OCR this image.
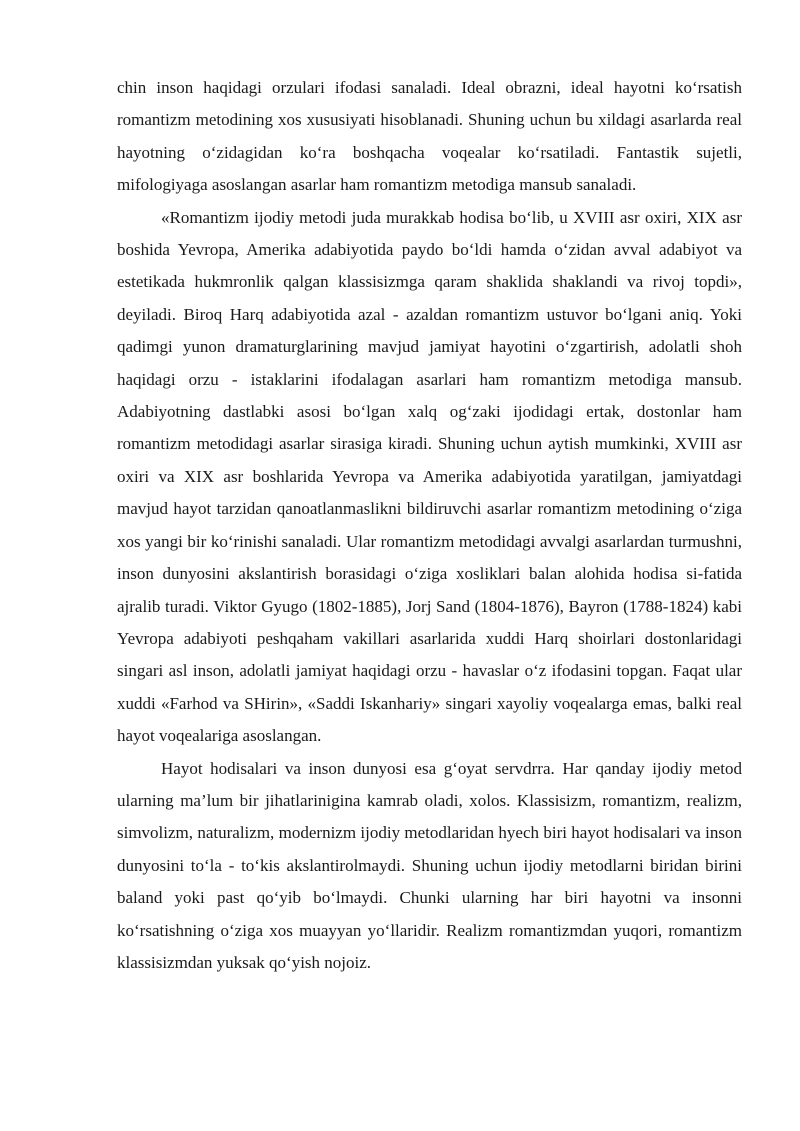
chin inson haqidagi orzulari ifodasi sanaladi. Ideal obrazni, ideal hayotni ko‘rsatish romantizm metodining xos xususiyati hisoblanadi. Shuning uchun bu xildagi asarlarda real hayotning o‘zidagidan ko‘ra boshqacha voqealar ko‘rsatiladi. Fantastik sujetli, mifologiyaga asoslangan asarlar ham romantizm metodiga mansub sanaladi.

«Romantizm ijodiy metodi juda murakkab hodisa bo‘lib, u XVIII asr oxiri, XIX asr boshida Yevropa, Amerika adabiyotida paydo bo‘ldi hamda o‘zidan avval adabiyot va estetikada hukmronlik qalgan klassisizmga qaram shaklida shaklandi va rivoj topdi», deyiladi. Biroq Harq adabiyotida azal - azaldan romantizm ustuvor bo‘lgani aniq. Yoki qadimgi yunon dramaturglarining mavjud jamiyat hayotini o‘zgartirish, adolatli shoh haqidagi orzu - istaklarini ifodalagan asarlari ham romantizm metodiga mansub. Adabiyotning dastlabki asosi bo‘lgan xalq og‘zaki ijodidagi ertak, dostonlar ham romantizm metodidagi asarlar sirasiga kiradi. Shuning uchun aytish mumkinki, XVIII asr oxiri va XIX asr boshlarida Yevropa va Amerika adabiyotida yaratilgan, jamiyatdagi mavjud hayot tarzidan qanoatlanmaslikni bildiruvchi asarlar romantizm metodining o‘ziga xos yangi bir ko‘rinishi sanaladi. Ular romantizm metodidagi avvalgi asarlardan turmushni, inson dunyosini akslantirish borasidagi o‘ziga xosliklari balan alohida hodisa si-fatida ajralib turadi. Viktor Gyugo (1802-1885), Jorj Sand (1804-1876), Bayron (1788-1824) kabi Yevropa adabiyoti peshqaham vakillari asarlarida xuddi Harq shoirlari dostonlaridagi singari asl inson, adolatli jamiyat haqidagi orzu - havaslar o‘z ifodasini topgan. Faqat ular xuddi «Farhod va SHirin», «Saddi Iskanhariy» singari xayoliy voqealarga emas, balki real hayot voqealariga asoslangan.

Hayot hodisalari va inson dunyosi esa g‘oyat servdrra. Har qanday ijodiy metod ularning ma’lum bir jihatlarinigina kamrab oladi, xolos. Klassisizm, romantizm, realizm, simvolizm, naturalizm, modernizm ijodiy metodlaridan hyech biri hayot hodisalari va inson dunyosini to‘la - to‘kis akslantirolmaydi. Shuning uchun ijodiy metodlarni biridan birini baland yoki past qo‘yib bo‘lmaydi. Chunki ularning har biri hayotni va insonni ko‘rsatishning o‘ziga xos muayyan yo‘llaridir. Realizm romantizmdan yuqori, romantizm klassisizmdan yuksak qo‘yish nojoiz.
